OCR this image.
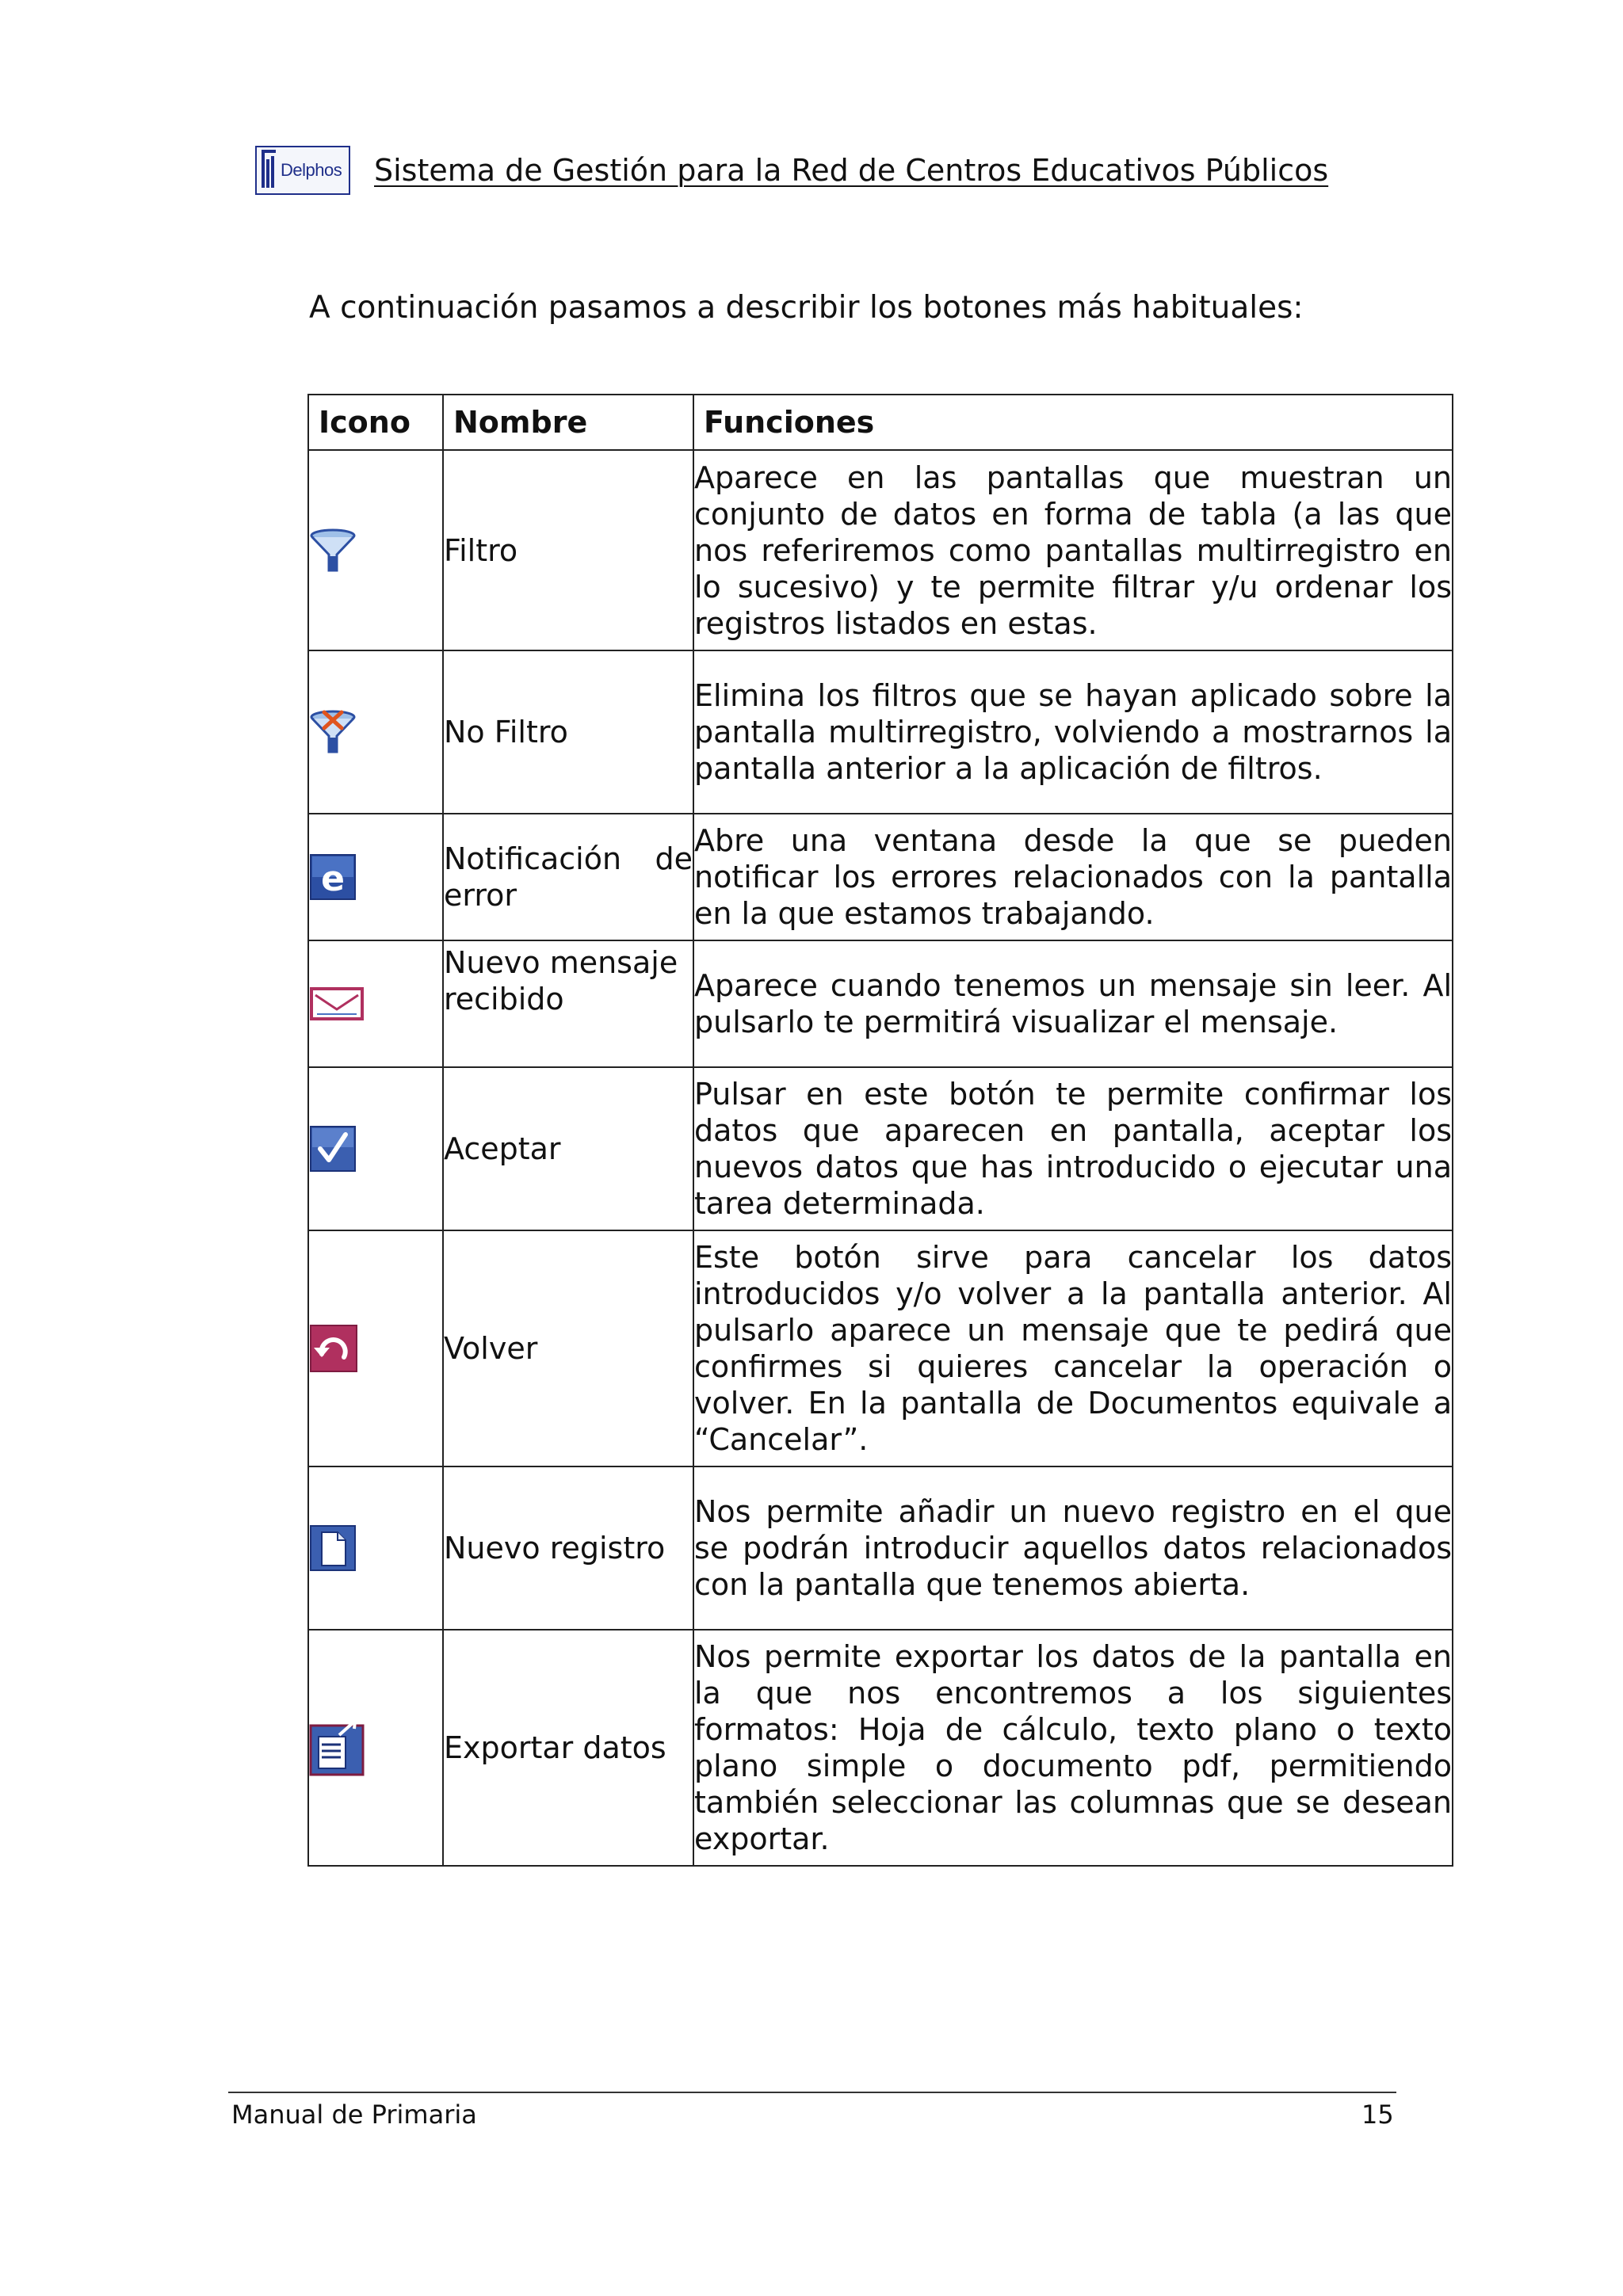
Delphos Sistema de Gestión para la Red de Centros Educativos Públicos
A continuación pasamos a describir los botones más habituales:
Icono	Nombre	Funciones
	Filtro	Aparece en las pantallas que muestran un conjunto de datos en forma de tabla (a las que nos referiremos como pantallas multirregistro en lo sucesivo) y te permite filtrar y/u ordenar los registros listados en estas.
	No Filtro	Elimina los filtros que se hayan aplicado sobre la pantalla multirregistro, volviendo a mostrarnos la pantalla anterior a la aplicación de filtros.

e	Notificación de error	Abre una ventana desde la que se pueden notificar los errores relacionados con la pantalla en la que estamos trabajando.
	Nuevo mensaje recibido	Aparece cuando tenemos un mensaje sin leer. Al pulsarlo te permitirá visualizar el mensaje.
	Aceptar	Pulsar en este botón te permite confirmar los datos que aparecen en pantalla, aceptar los nuevos datos que has introducido o ejecutar una tarea determinada.
	Volver	Este botón sirve para cancelar los datos introducidos y/o volver a la pantalla anterior. Al pulsarlo aparece un mensaje que te pedirá que confirmes si quieres cancelar la operación o volver. En la pantalla de Documentos equivale a “Cancelar”.
	Nuevo registro	Nos permite añadir un nuevo registro en el que se podrán introducir aquellos datos relacionados con la pantalla que tenemos abierta.
	Exportar datos	Nos permite exportar los datos de la pantalla en la que nos encontremos a los siguientes formatos: Hoja de cálculo, texto plano o texto plano simple o documento pdf, permitiendo también seleccionar las columnas que se desean exportar.
Manual de Primaria	15
